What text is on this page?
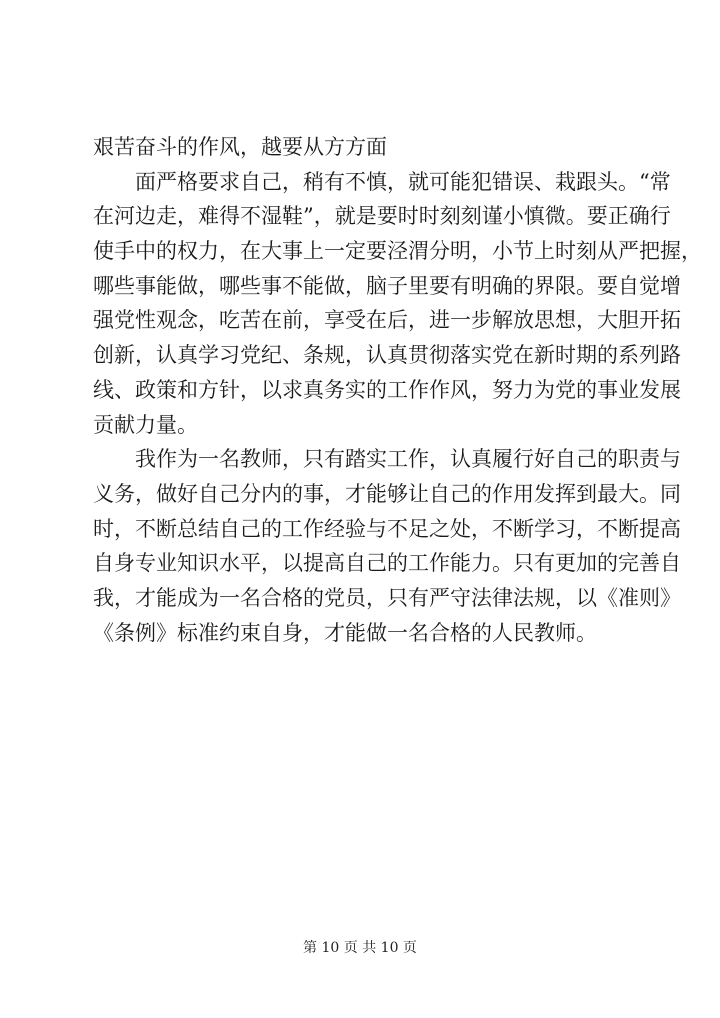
艰苦奋斗的作风，越要从方方面
面严格要求自己，稍有不慎，就可能犯错误、栽跟头。“常
在河边走，难得不湿鞋”，就是要时时刻刻谨小慎微。要正确行
使手中的权力，在大事上一定要泾渭分明，小节上时刻从严把握，
哪些事能做，哪些事不能做，脑子里要有明确的界限。要自觉增
强党性观念，吃苦在前，享受在后，进一步解放思想，大胆开拓
创新，认真学习党纪、条规，认真贯彻落实党在新时期的系列路
线、政策和方针，以求真务实的工作作风，努力为党的事业发展
贡献力量。
我作为一名教师，只有踏实工作，认真履行好自己的职责与
义务，做好自己分内的事，才能够让自己的作用发挥到最大。同
时，不断总结自己的工作经验与不足之处，不断学习，不断提高
自身专业知识水平，以提高自己的工作能力。只有更加的完善自
我，才能成为一名合格的党员，只有严守法律法规，以《准则》
《条例》标准约束自身，才能做一名合格的人民教师。
第 10 页 共 10 页
